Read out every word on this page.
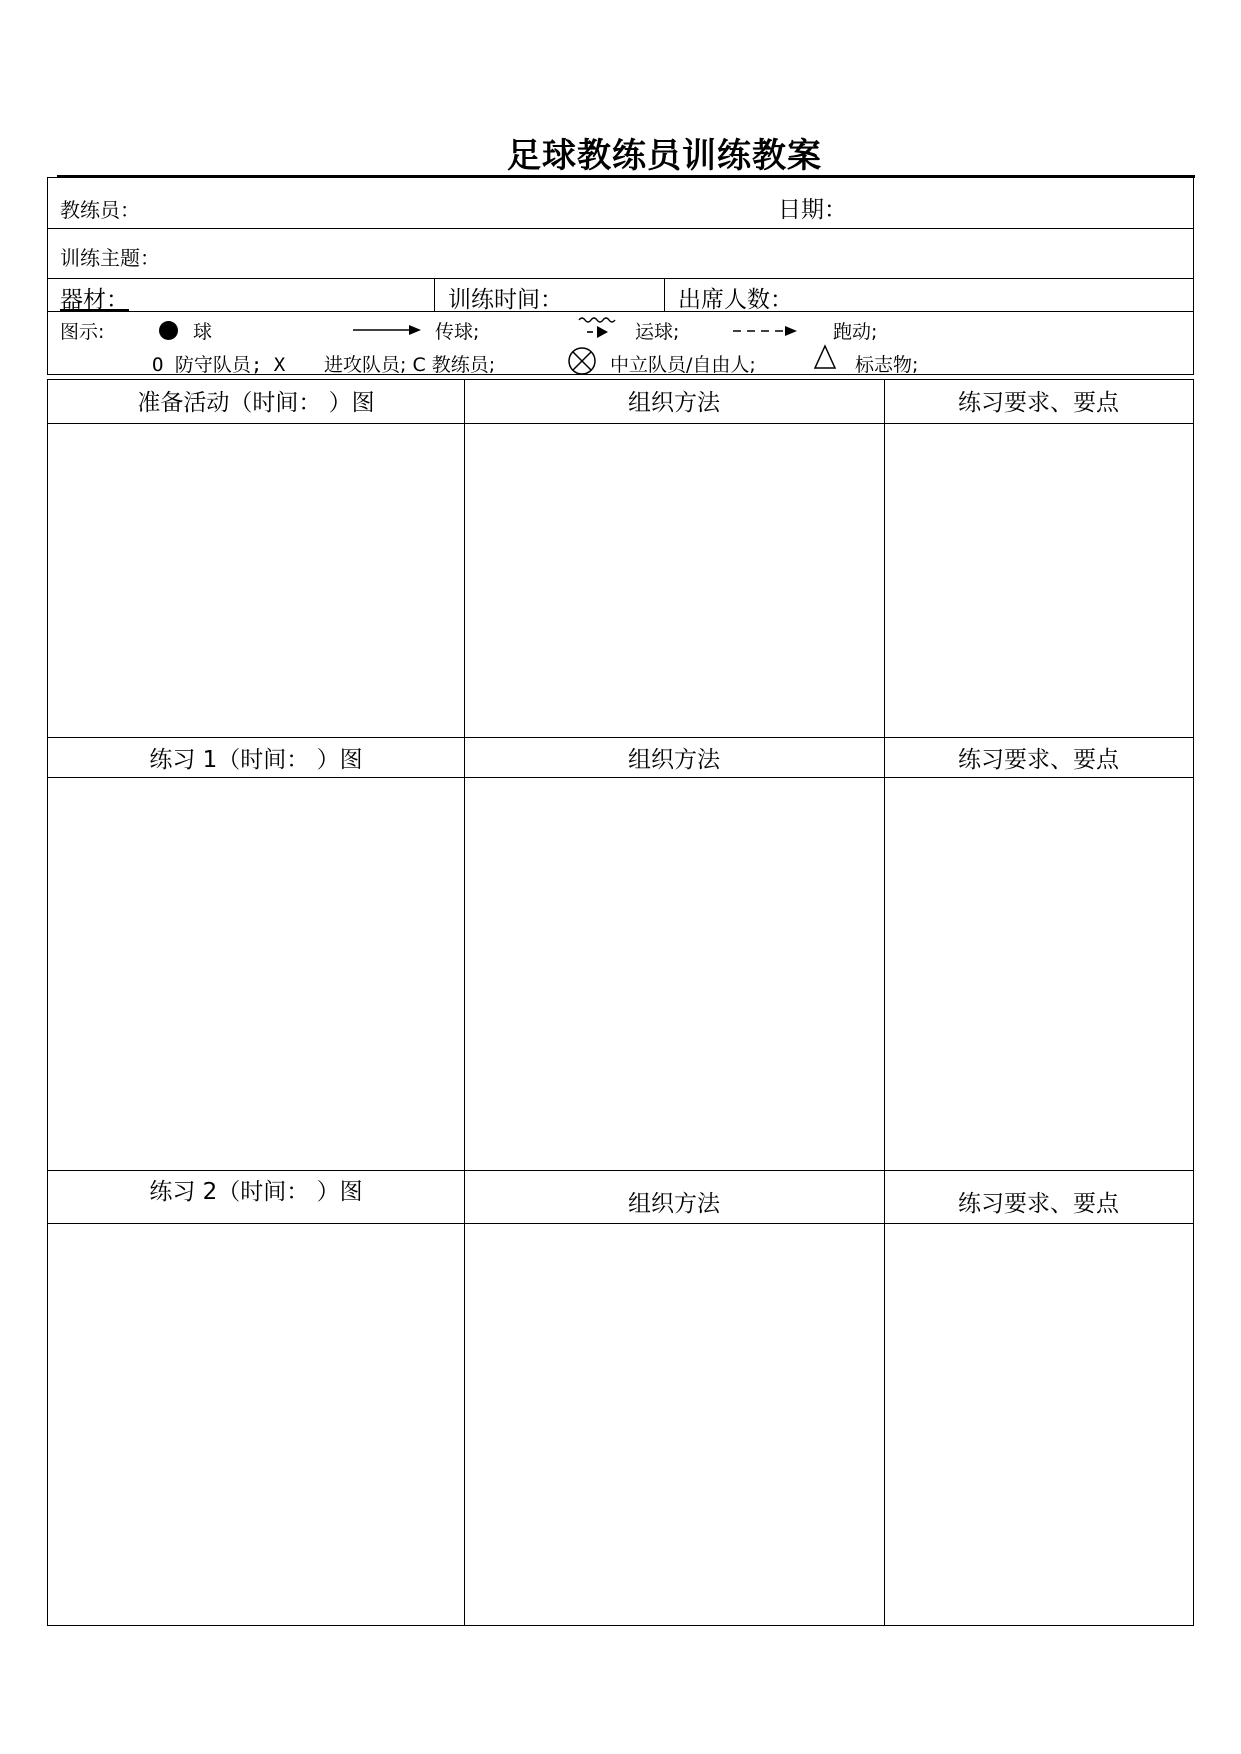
足球教练员训练教案
教练员：	日期：
训练主题：
器材：	训练时间：	出席人数：
图示:	球	传球;	运球;	跑动;
O 防守队员; X 进攻队员; C 教练员;	中立队员/自由人;	标志物;
准备活动（时间： ）图	组织方法	练习要求、要点
练习 1（时间： ）图	组织方法	练习要求、要点
练习 2（时间： ）图	组织方法	练习要求、要点
